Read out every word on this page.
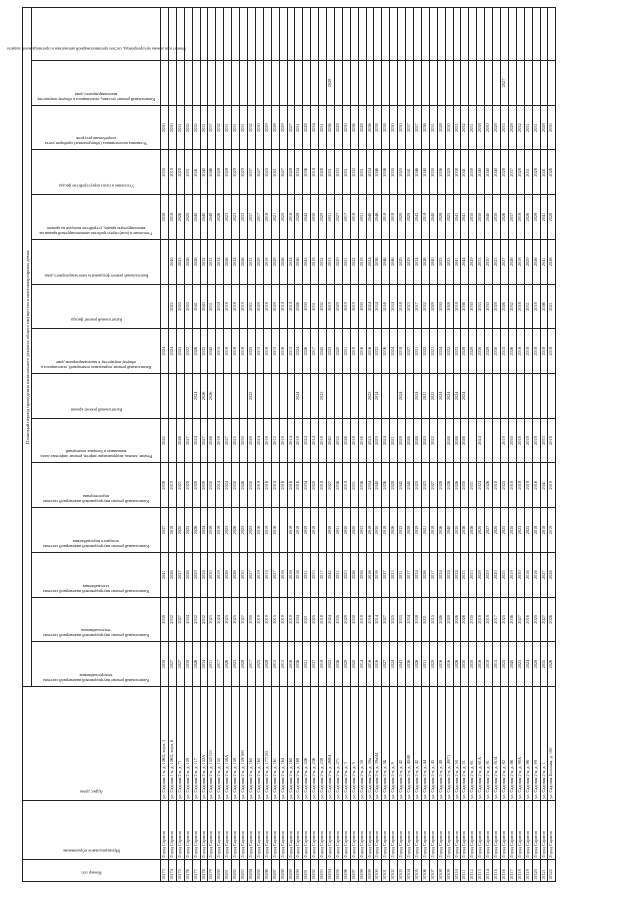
Номер п/п	Муниципальное образование	Адрес дома	Плановый период проведения капитального ремонта общего имущества в многоквартирных домах														

			Капитальный ремонт внутридомовой инженерной системы электроснабжения	Капитальный ремонт внутридомовой инженерной системы теплоснабжения	Капитальный ремонт внутридомовой инженерной системы газоснабжения	Капитальный ремонт внутридомовой инженерной системы холодного водоснабжения	Капитальный ремонт внутридомовой инженерной системы водоотведения	Ремонт, замена, модернизация лифтов, ремонт лифтовых шахт, машинных и блочных помещений	Капитальный ремонт крыши	Капитальный ремонт подвальных помещений, относящихся к общему имуществу в многоквартирном доме	Капитальный ремонт фасада	Капитальный ремонт фундамента многоквартирного дома	Утепление и (или) переустройство невентилируемой крыши на вентилируемую крышу, устройство выходов на кровлю	Утепление и (или) переустройство фасада	Установка коллективных (общедомовых) приборов учета потребления ресурсов	Капитальный ремонт лестниц, относящихся к общему имуществу многоквартирного дома	Ремонт или замена мусоропровода, систем противопожарной автоматики и противодымной защиты

10273	Город Саратов	ул. Садовая 1-я, д. 106/2, корп. 3	2039	2039	2041	2037	2038	2022		2024			2038	2035	2030		
10274	Город Саратов	ул. Садовая 1-я, д. 106/2, корп. 6	2027	2032	2026	2018	2019			2024	2022	2040	2018	2019	2030		
10275	Город Саратов	ул. Садовая 2-я, д. 71	2027	2027	2027	2020	2021	2026		2025	2020	2025	2026	2028	2031		
10276	Город Саратов	ул. Садовая 2-я, д. 109	2039	2034	2026	2025	2029	2027		2022	2020	2026	2020	2031	2035		
10277	Город Саратов	ул. Садовая 2-я, д. 117	2026	2032	2029	2026	2028	2024	2024	2026	2041	2026	2040	2041	2035		
10278	Город Саратов	ул. Садовая 2-я, д. 152А	2034	2032	2034	2034	2039	2027	2026	2032	2043	2032	2040	2042	2031		
10279	Город Саратов	ул. Садовая 2-я, д. 152/153	2031	2023	2030	2038	2030	2026	2026	2045	2031	2033	2048	2046	2037		
10280	Город Саратов	ул. Садовая 2-я, д. 155	2017	2024	2018	2018	2014	2018		2015	2034	2034	2026	2028	2032		
10281	Город Саратов	ул. Садовая 2-я, д. 158А	2026	2025	2026	2025	2024	2027		2018	2018	2026	2023	2028	2031		
10282	Город Саратов	ул. Садовая 2-я, д. 159	2023	2025	2026	2026	2030	2025		2018	2018	2024	2023	2029	2031		
10283	Город Саратов	ул. Садовая 2-я, д. 159/169	2028	2027	2030	2025	2026	2030		2018	2019	2026	2032	2029	2031		
10284	Город Саратов	ул. Садовая 2-я, д. 165	2017	2030	2027	2025	2030	2029	2022	2025	2022	2033	2037	2037	2032		
10285	Город Саратов	ул. Садовая 2-я, д. 165	2025	2019	2019	2016	2019	2024		2013	2029	2029	2017	2027	2030		
10286	Город Саратов	ул. Садовая 2-я, д. 177/181	2028	2019	2015	2019	2016	2018		2018	2018	2018	2018	2025	2029		
10287	Город Саратов	ул. Садовая 2-я, д. 161	2015	2015	2027	2016	2015	2012		2013	2029	2029	2021	2021	2028		
10288	Город Саратов	ул. Садовая 2-я, д. 164	2015	2019	2016		2016	2019		2016	2014	2026	2020	2027	2029		
10289	Город Саратов	ул. Садовая 2-я, д. 165	2016	2019	2016	2018	2016	2014		2013	2014	2024	2018	2028	2027		
10290	Город Саратов	ул. Садовая 2-я, д. 168	2036	2034	2016	2018	2016	2018	2024	2024	2026	2026	2028	2034	2031		
10291	Город Саратов	ул. Садовая 2-я, д. 226	2021	2021	2031	2039	2034	2024		2026	2030	2043	2042	2036	2028		
10292	Город Саратов	ул. Садовая 2-я, д. 236	2037	2025	2033	2018	2020	2014		2017	2031	2018	2030	2018	2034		
10293	Город Саратов	ул. Садовая 2-я, д. 238	2018	2018	2017		2018	2018	2025	2045	2032	2032	2029	2028	2031		
10294	Город Саратов	ул. Садовая 2-я, д. 268/4	2022	2024	2042	2038	2027	2042		2023	2019	2033	2031	2031	2036	2028	
10295	Город Саратов	ул. Садовая 2-я, д. 271	2036	2035	2031	2031	2036	2035		2020	2029	2029	2027	2033	2029		
10296	Город Саратов	ул. Садовая 2-я, д. 3	2029	2029	2023	2030	2019	2026		2031	2019	2021	2017	2031	2030		
10297	Город Саратов	ул. Садовая 2-я, д. 5	2020	2030	2026	2020	2031	2018		2019	2019	2022	2018	2032	2036		
10298	Город Саратов	ул. Садовая 2-я, д. 30	2014	2019	2036	2033	2036	2016		2016	2030	2018	2031	2031	2028		
10299	Город Саратов	ул. Садовая 2-я, д. 30а	2016	2016	2016	2018	2034	2025	2025	2016	2024	2024	2040	2034	2036		
10300	Город Саратов	ул. Садовая 2-я, д. 39а/44	2016	2014	2016	2030	2040	2029	2034	2032	2034	2036	2046	2046	2038		
10301	Город Саратов	ул. Садовая 2-я, д. 5Б	2027	2027	2027	2018	2036	2024		2016	2016	2046	2018	2036	2038		
10302	Город Саратов	ул. Садовая 2-я, д. 9	2024	2025	2033	2026	2028	2021		2024	2034	2046	2018	2030	2030		
10303	Город Саратов	ул. Садовая 2-я, д. 42	2043	2033	2031	2032	2042	2028	2024	2018	2018	2029	2020	2020	2030		
10304	Город Саратов	ул. Садовая 2-я, д. 40/48	2036	2034	2017	2028	2040	2026		2027	2023	2029	2029	2041	2037		
10305	Город Саратов	ул. Садовая 2-я, д. 42	2026	2038	2034	2039	2020	2026	2024	2031	2017	2034	2043	2046	2027		
10306	Город Саратов	ул. Садовая 2-я, д. 44	2031	2031	2026	2021	2023	2020	2021	2022	2022	2026	2018	2040	2036		
10307	Город Саратов	ул. Садовая 2-я, д. 45	2029	2015	2017	2018	2027	2022	2022	2021	2029	2040	2040	2030	2031		
10308	Город Саратов	ул. Садовая 2-я, д. 49	2016	2026	2034	2036	2028		2024	2024	2030	2025	2028	2036	2028		
10309	Город Саратов	ул. Садовая 2-я, д. 49/71	2016	2020	2034	2040	2036	2026	2024	2022	2028	2025	2025	2029	2030		
10310	Город Саратов	ул. Садовая 2-я, д. 50	2026	2026	2034	2030	2026	2026	2024	2033	2018	2041	2041	2038	2031		
10311	Город Саратов	ул. Садовая 2-я, д. 51	2030	2026	2033	2036	2030	2026	2024	2028	2036	2044	2041	2041	2032		
10312	Город Саратов	ул. Садовая 2-я, д. 61	2030	2030	2033	2036	2031			2029	2030	2029	2030	2039	2031		
10313	Город Саратов	ул. Садовая 2-я, д. 61А	2016	2018	2028	2020	2024	2024		2030	2033	2033	2030	2040	2038		
10314	Город Саратов	ул. Садовая 2-я, д. 81	2018	2018	2029	2027	2026			2029	2030	2030	2040	2040	2030		
10315	Город Саратов	ул. Садовая 2-я, д. 81/4	2015	2017	2020	2020	2018			2030	2029	2025	2030	2040	2028		
10316	Город Саратов	ул. Садовая 2-я, д. 82	2025	2025	2025	2025	2025	2019		2015	2026	2027	2026	2028	2033	2027	
10317	Город Саратов	ул. Садовая 2-я, д. 86	2040	2036	2019	2030	2018	2030		2026	2032	2026	2037	2037	2028		
10318	Город Саратов	ул. Садовая 2-я, д. 90А	2025	2027	2030	2023	2018	2018		2018	2018	2018	2018	2028	2032		
10319	Город Саратов	ул. Садовая 2-я, д. 96	2024	2016	2016	2025	2018	2018		2018	2031	2029	2026	2031	2031		
10320	Город Саратов	ул. Садовая 2-я, д. 99	2028	2020	2016	2018	2016	2018		2018	2018	2026	2028	2028	2031		
10321	Город Саратов	ул. Садовая 2-я, д. 1	2035	2027	2027	2018	2041	2033		2018	2046	2041	2041	2041	2028		
10322	Город Саратов	ул. Садовая Большая, д. 100	2026	2026	2026	2019	2019	2018		2018	2021	2026	2028	2026	2030		
